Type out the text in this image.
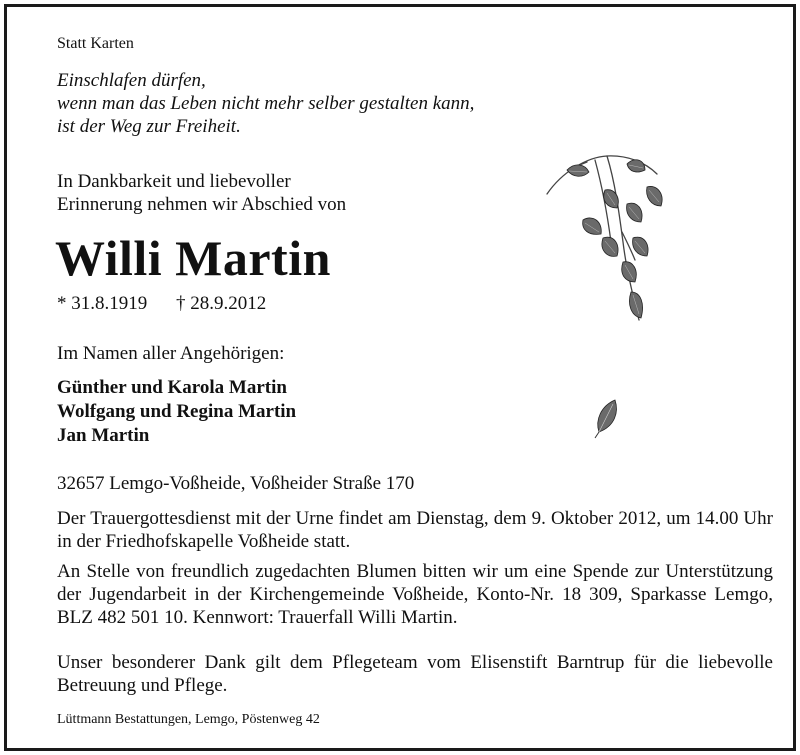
Statt Karten
Einschlafen dürfen,
wenn man das Leben nicht mehr selber gestalten kann,
ist der Weg zur Freiheit.
In Dankbarkeit und liebevoller
Erinnerung nehmen wir Abschied von
Willi Martin
* 31.8.1919 † 28.9.2012
Im Namen aller Angehörigen:
Günther und Karola Martin
Wolfgang und Regina Martin
Jan Martin
32657 Lemgo-Voßheide, Voßheider Straße 170

Der Trauergottesdienst mit der Urne findet am Dienstag, dem 9. Oktober 2012, um 14.00 Uhr in der Friedhofskapelle Voßheide statt.

An Stelle von freundlich zugedachten Blumen bitten wir um eine Spende zur Unterstützung der Jugendarbeit in der Kirchengemeinde Voßheide, Konto-Nr. 18 309, Sparkasse Lemgo, BLZ 482 501 10. Kennwort: Trauerfall Willi Martin.

Unser besonderer Dank gilt dem Pflegeteam vom Elisenstift Barntrup für die liebevolle Betreuung und Pflege.

Lüttmann Bestattungen, Lemgo, Pöstenweg 42
